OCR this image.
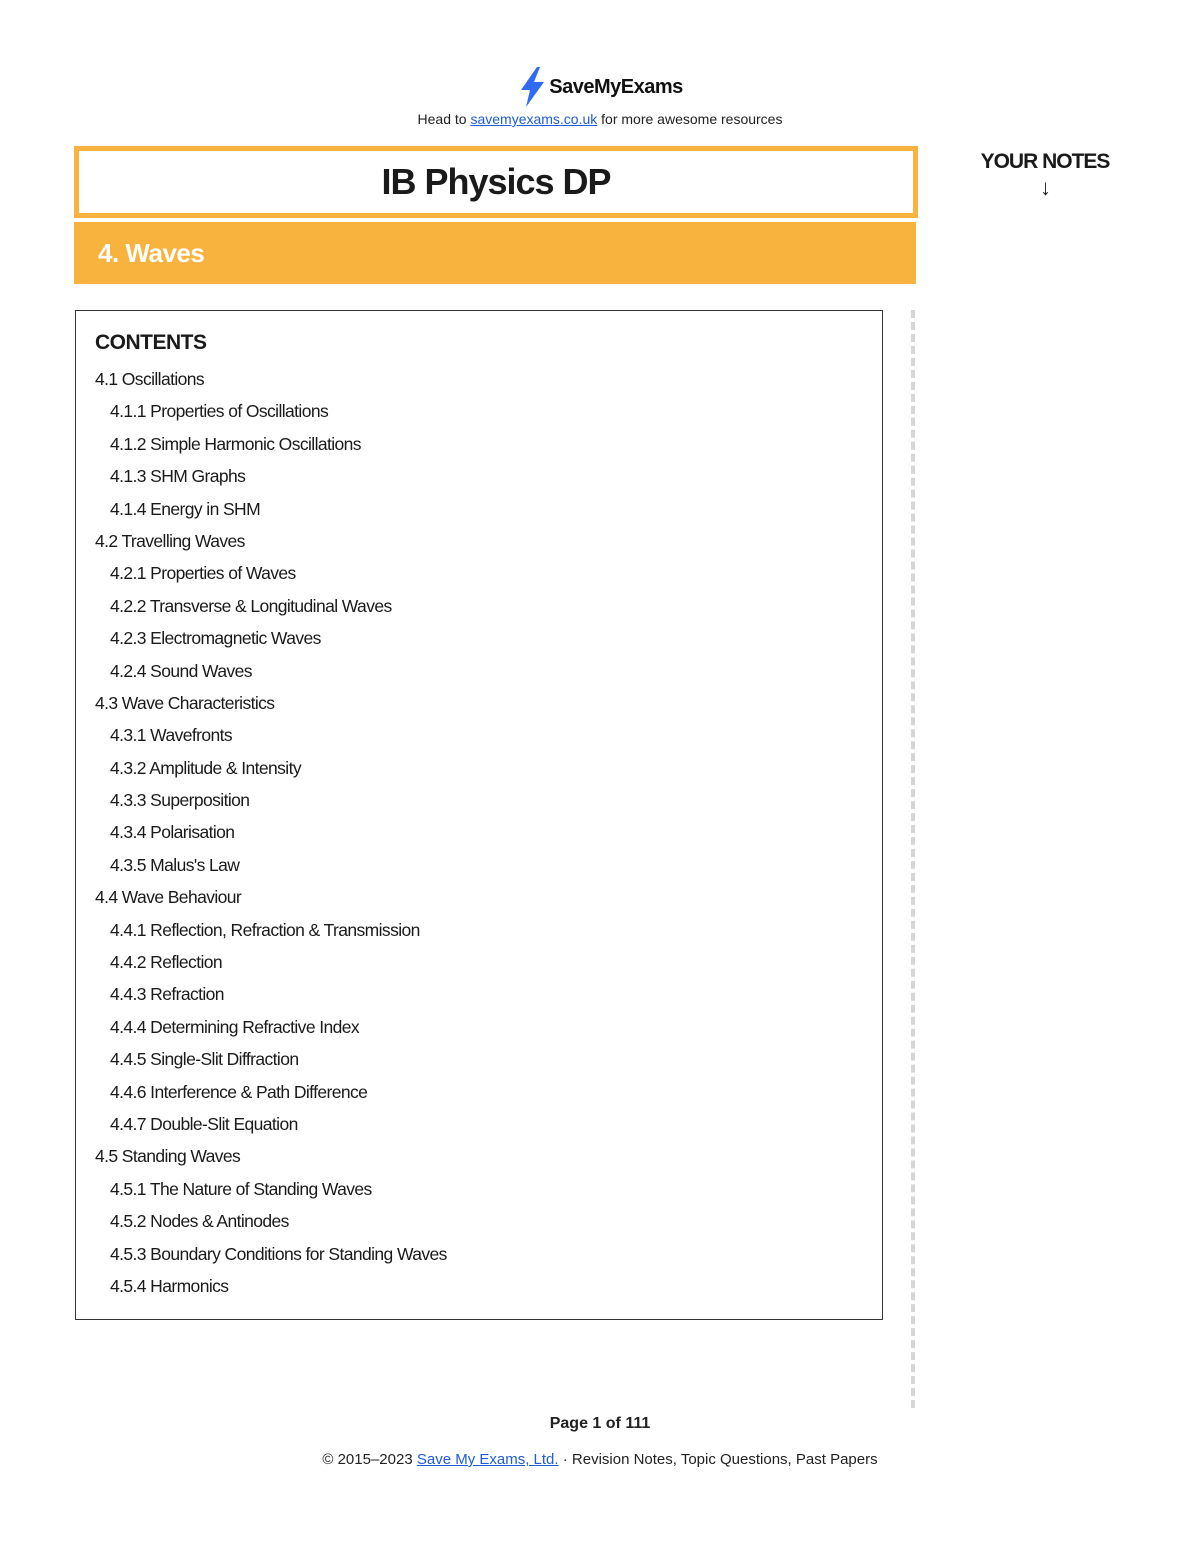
SaveMyExams
Head to savemyexams.co.uk for more awesome resources
IB Physics DP
4. Waves
YOUR NOTES
↓
CONTENTS
4.1 Oscillations
4.1.1 Properties of Oscillations
4.1.2 Simple Harmonic Oscillations
4.1.3 SHM Graphs
4.1.4 Energy in SHM
4.2 Travelling Waves
4.2.1 Properties of Waves
4.2.2 Transverse & Longitudinal Waves
4.2.3 Electromagnetic Waves
4.2.4 Sound Waves
4.3 Wave Characteristics
4.3.1 Wavefronts
4.3.2 Amplitude & Intensity
4.3.3 Superposition
4.3.4 Polarisation
4.3.5 Malus's Law
4.4 Wave Behaviour
4.4.1 Reflection, Refraction & Transmission
4.4.2 Reflection
4.4.3 Refraction
4.4.4 Determining Refractive Index
4.4.5 Single-Slit Diffraction
4.4.6 Interference & Path Difference
4.4.7 Double-Slit Equation
4.5 Standing Waves
4.5.1 The Nature of Standing Waves
4.5.2 Nodes & Antinodes
4.5.3 Boundary Conditions for Standing Waves
4.5.4 Harmonics
Page 1 of 111
© 2015–2023 Save My Exams, Ltd. · Revision Notes, Topic Questions, Past Papers
